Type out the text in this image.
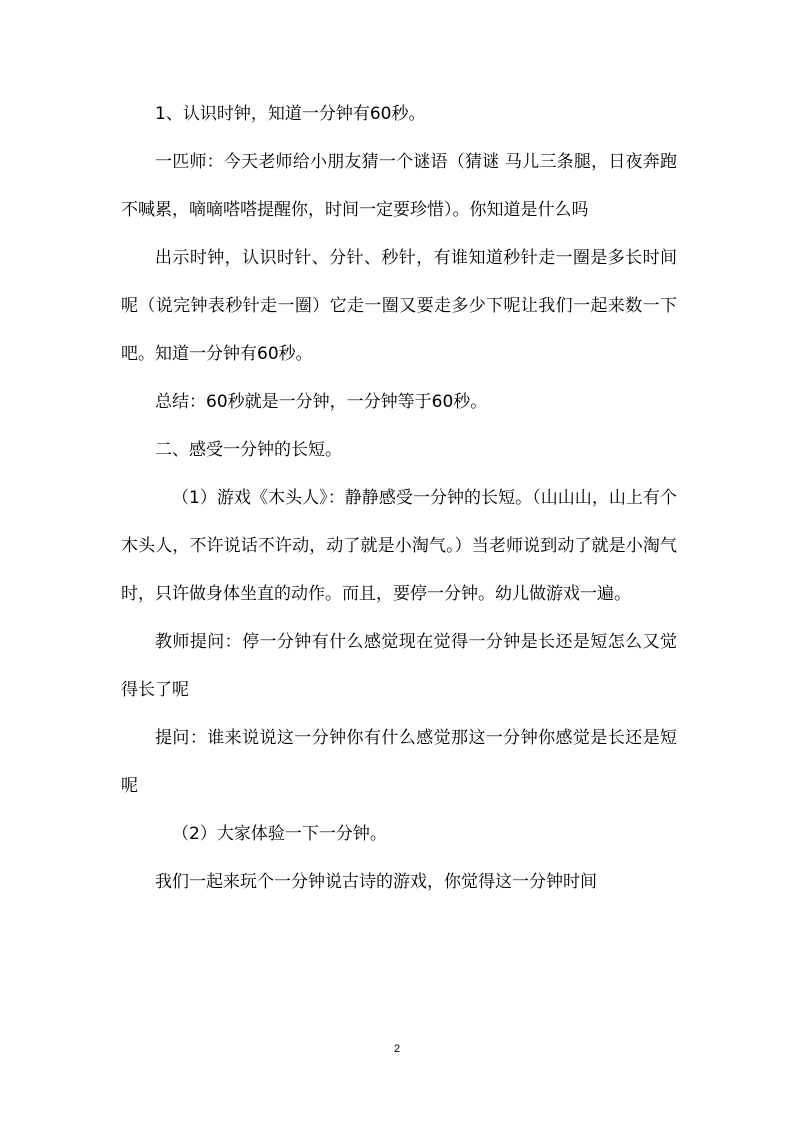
1、认识时钟，知道一分钟有60秒。

一匹师：今天老师给小朋友猜一个谜语（猜谜 马儿三条腿，日夜奔跑不喊累，嘀嘀嗒嗒提醒你，时间一定要珍惜）。你知道是什么吗

出示时钟，认识时针、分针、秒针，有谁知道秒针走一圈是多长时间呢（说完钟表秒针走一圈）它走一圈又要走多少下呢让我们一起来数一下吧。知道一分钟有60秒。

总结：60秒就是一分钟，一分钟等于60秒。

二、感受一分钟的长短。

（1）游戏《木头人》：静静感受一分钟的长短。（山山山，山上有个木头人，不许说话不许动，动了就是小淘气。）当老师说到动了就是小淘气时，只许做身体坐直的动作。而且，要停一分钟。幼儿做游戏一遍。

教师提问：停一分钟有什么感觉现在觉得一分钟是长还是短怎么又觉得长了呢

提问：谁来说说这一分钟你有什么感觉那这一分钟你感觉是长还是短呢

（2）大家体验一下一分钟。

我们一起来玩个一分钟说古诗的游戏，你觉得这一分钟时间

2
